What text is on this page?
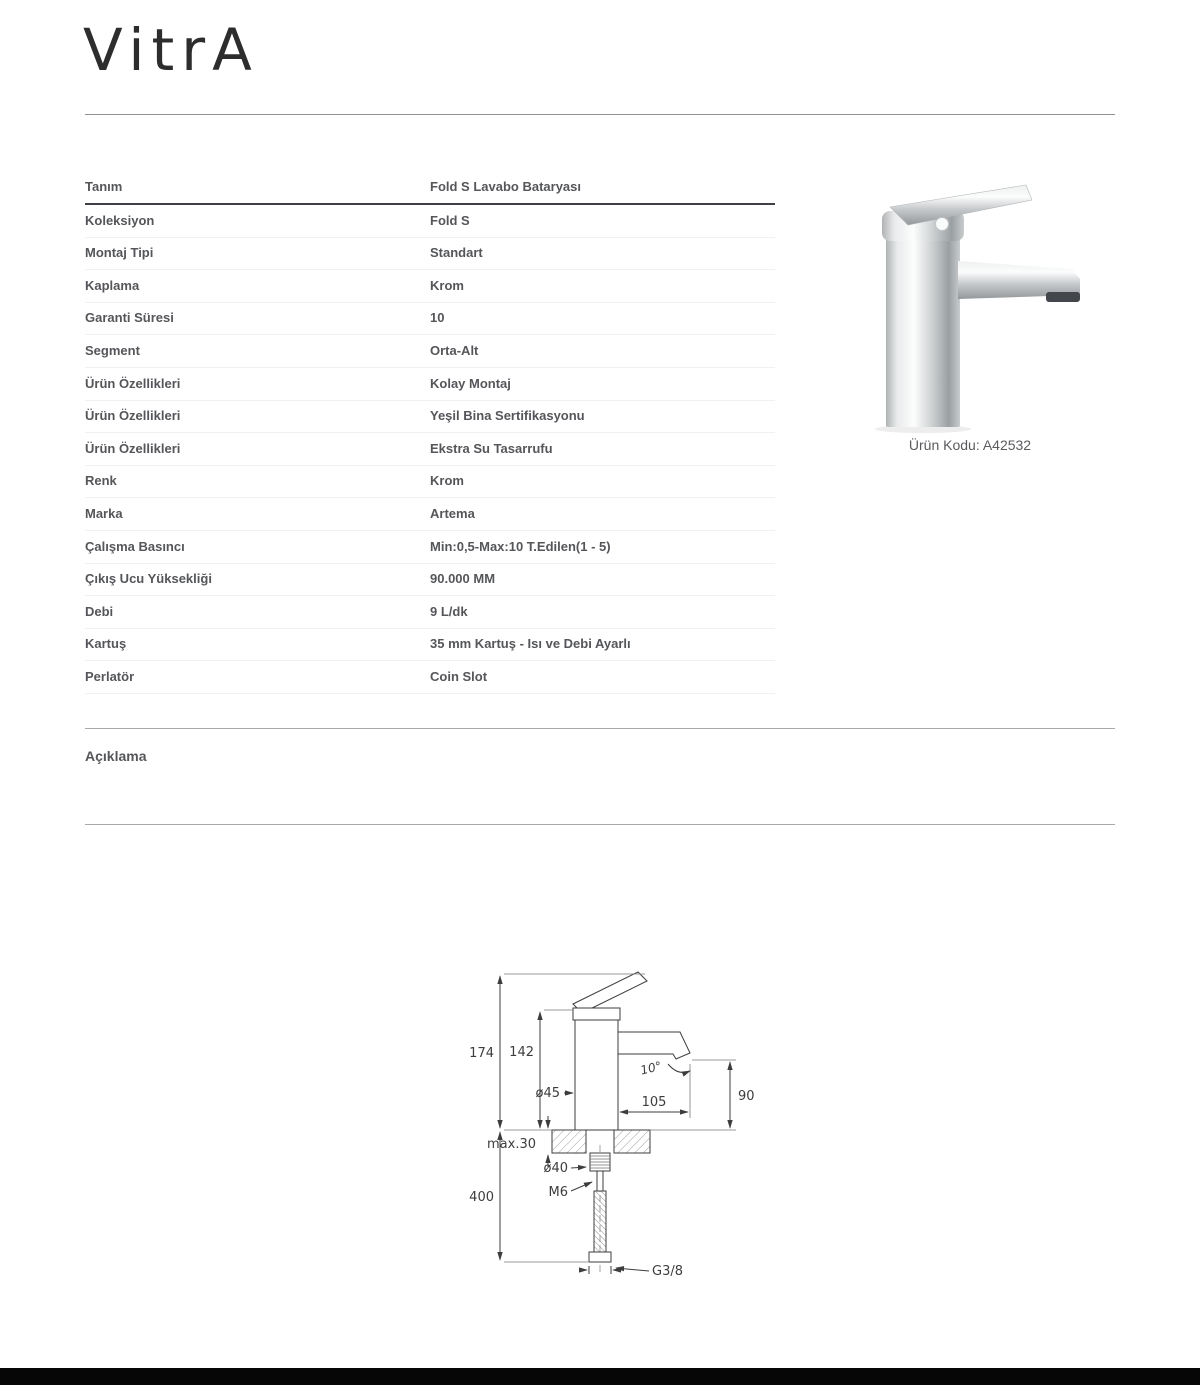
VitrA
Tanım	Fold S Lavabo Bataryası
Koleksiyon	Fold S
Montaj Tipi	Standart
Kaplama	Krom
Garanti Süresi	10
Segment	Orta-Alt
Ürün Özellikleri	Kolay Montaj
Ürün Özellikleri	Yeşil Bina Sertifikasyonu
Ürün Özellikleri	Ekstra Su Tasarrufu
Renk	Krom
Marka	Artema
Çalışma Basıncı	Min:0,5-Max:10 T.Edilen(1 - 5)
Çıkış Ucu Yüksekliği	90.000 MM
Debi	9 L/dk
Kartuş	35 mm Kartuş - Isı ve Debi Ayarlı
Perlatör	Coin Slot
Ürün Kodu: A42532
Açıklama
174
400
142
90
105
ø45
max.30
ø40
M6
G3/8
10°
